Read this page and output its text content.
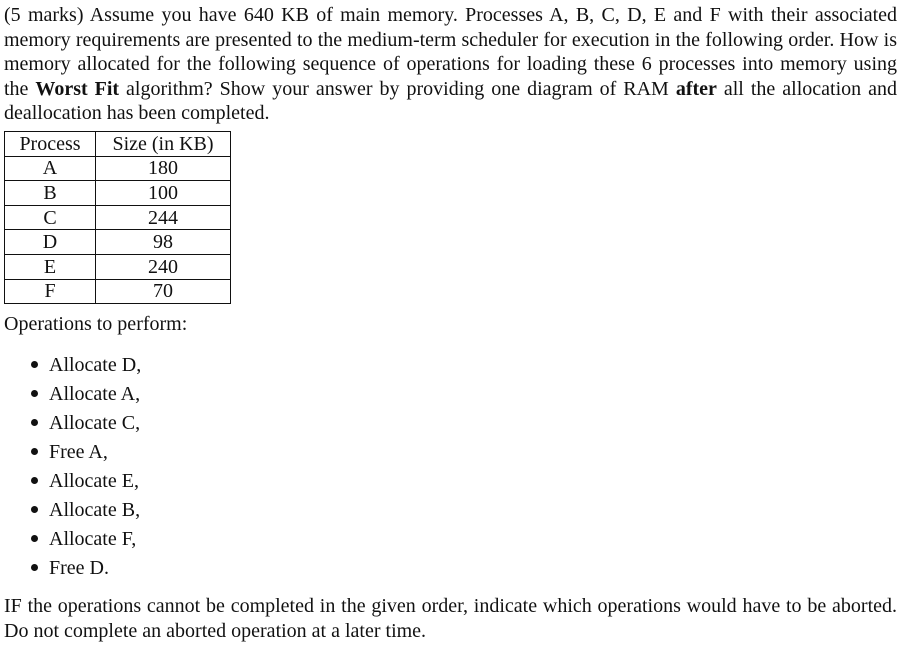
(5 marks) Assume you have 640 KB of main memory. Processes A, B, C, D, E and F with their associated memory requirements are presented to the medium-term scheduler for execution in the following order. How is memory allocated for the following sequence of operations for loading these 6 processes into memory using the Worst Fit algorithm? Show your answer by providing one diagram of RAM after all the allocation and deallocation has been completed.
Process	Size (in KB)
A	180
B	100
C	244
D	98
E	240
F	70
Operations to perform:
Allocate D,
Allocate A,
Allocate C,
Free A,
Allocate E,
Allocate B,
Allocate F,
Free D.
IF the operations cannot be completed in the given order, indicate which operations would have to be aborted. Do not complete an aborted operation at a later time.
